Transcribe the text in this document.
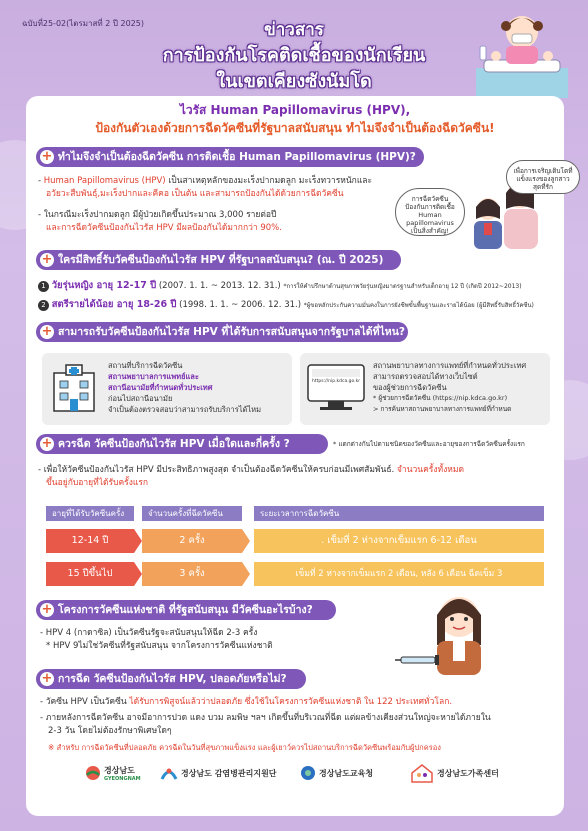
ฉบับที่25-02(ไตรมาสที่ 2 ปี 2025)	ข่าวสาร
การป้องกันโรคติดเชื้อของนักเรียน
ในเขตเคียงซังนัมโด
ไวรัส Human Papillomavirus (HPV),
ป้องกันตัวเองด้วยการฉีดวัคซีนที่รัฐบาลสนับสนุน ทำไมจึงจำเป็นต้องฉีดวัคซีน!
+ ทำไมจึงจำเป็นต้องฉีดวัคซีน การติดเชื้อ Human Papillomavirus (HPV)?
- Human Papillomavirus (HPV) เป็นสาเหตุหลักของมะเร็งปากมดลูก มะเร็งทวารหนักและ
อวัยวะสืบพันธุ์,มะเร็งปากและคีคอ เป็นต้น และสามารถป้องกันได้ด้วยการฉีดวัคซีน
- ในกรณีมะเร็งปากมดลูก มีผู้ป่วยเกิดขึ้นประมาณ 3,000 รายต่อปี
และการฉีดวัคซีนป้องกันไวรัส HPV มีผลป้องกันได้มากกว่า 90%.
เพื่อการเจริญเติบโตที่แข็งแรงของลูกสาวสุดที่รัก
การฉีดวัคซีนป้องกันการติดเชื้อ Human papillomavirus เป็นสิ่งสำคัญ!
+ ใครมีสิทธิ์รับวัคซีนป้องกันไวรัส HPV ที่รัฐบาลสนับสนุน? (ณ. ปี 2025)
1 วัยรุ่นหญิง อายุ 12-17 ปี (2007. 1. 1. ~ 2013. 12. 31.) *การให้คำปรึกษาด้านสุขภาพวัยรุ่นหญิงมาตรฐานสำหรับเด็กอายุ 12 ปี (เกิดปี 2012~2013)
2 สตรีรายได้น้อย อายุ 18-26 ปี (1998. 1. 1. ~ 2006. 12. 31.) *ผู้ขอหลักประกันความมั่นคงในการยังชีพขั้นพื้นฐานและรายได้น้อย (ผู้มีสิทธิ์รับสิทธิ์วัคซีน)
+ สามารถรับวัคซีนป้องกันไวรัส HPV ที่ได้รับการสนับสนุนจากรัฐบาลได้ที่ไหน?
สถานที่บริการฉีดวัคซีน
สถานพยาบาลการแพทย์และ
สถานีอนามัยที่กำหนดทั่วประเทศ
ก่อนไปสถานีอนามัย
จำเป็นต้องตรวจสอบว่าสามารถรับบริการได้ไหม
https://nip.kdca.go.kr
สถานพยาบาลทางการแพทย์ที่กำหนดทั่วประเทศ
สามารถตรวจสอบได้ทางเว็บไซต์
ของผู้ช่วยการฉีดวัคซีน
* ผู้ช่วยการฉีดวัคซีน (https://nip.kdca.go.kr)
> การค้นหาสถานพยาบาลทางการแพทย์ที่กำหนด
+ ควรฉีด วัคซีนป้องกันไวรัส HPV เมื่อใดและกี่ครั้ง ?	* แตกต่างกันไปตามชนิดของวัคซีนและอายุของการฉีดวัคซีนครั้งแรก
- เพื่อให้วัคซีนป้องกันไวรัส HPV มีประสิทธิภาพสูงสุด จำเป็นต้องฉีดวัคซีนให้ครบก่อนมีเพศสัมพันธ์. จำนวนครั้งทั้งหมด
ขึ้นอยู่กับอายุที่ได้รับครั้งแรก
อายุที่ได้รับวัคซีนครั้ง	จำนวนครั้งที่ฉีดวัคซีน	ระยะเวลาการฉีดวัคซีน
12-14 ปี	2 ครั้ง	. เข็มที่ 2 ห่างจากเข็มแรก 6-12 เดือน
15 ปีขึ้นไป	3 ครั้ง	เข็มที่ 2 ห่างจากเข็มแรก 2 เดือน, หลัง 6 เดือน ฉีดเข็ม 3
+ โครงการวัคซีนแห่งชาติ ที่รัฐสนับสนุน มีวัคซีนอะไรบ้าง?
- HPV 4 (กาดาซิล) เป็นวัคซีนรัฐจะสนับสนุนให้ฉีด 2-3 ครั้ง
* HPV 9ไม่ใช่วัคซีนที่รัฐสนับสนุน จากโครงการวัคซีนแห่งชาติ
+ การฉีด วัคซีนป้องกันไวรัส HPV, ปลอดภัยหรือไม่?
- วัคซีน HPV เป็นวัคซีน ได้รับการพิสูจน์แล้วว่าปลอดภัย ซึ่งใช้ในโครงการวัคซีนแห่งชาติ ใน 122 ประเทศทั่วโลก.
- ภายหลังการฉีดวัคซีน อาจมีอาการปวด แดง บวม ลมพิษ ฯลฯ เกิดขึ้นที่บริเวณที่ฉีด แต่ผลข้างเคียงส่วนใหญ่จะหายได้ภายใน
2-3 วัน โดยไม่ต้องรักษาพิเศษใดๆ
※ สำหรับ การฉีดวัคซีนที่ปลอดภัย ควรฉีดในวันที่สุขภาพแข็งแรง และผู้เยาว์ควรไปสถานบริการฉีดวัคซีนพร้อมกับผู้ปกครอง
경상남도
GYEONGNAM
경상남도 감염병관리지원단	경상남도교육청	경상남도가족센터
